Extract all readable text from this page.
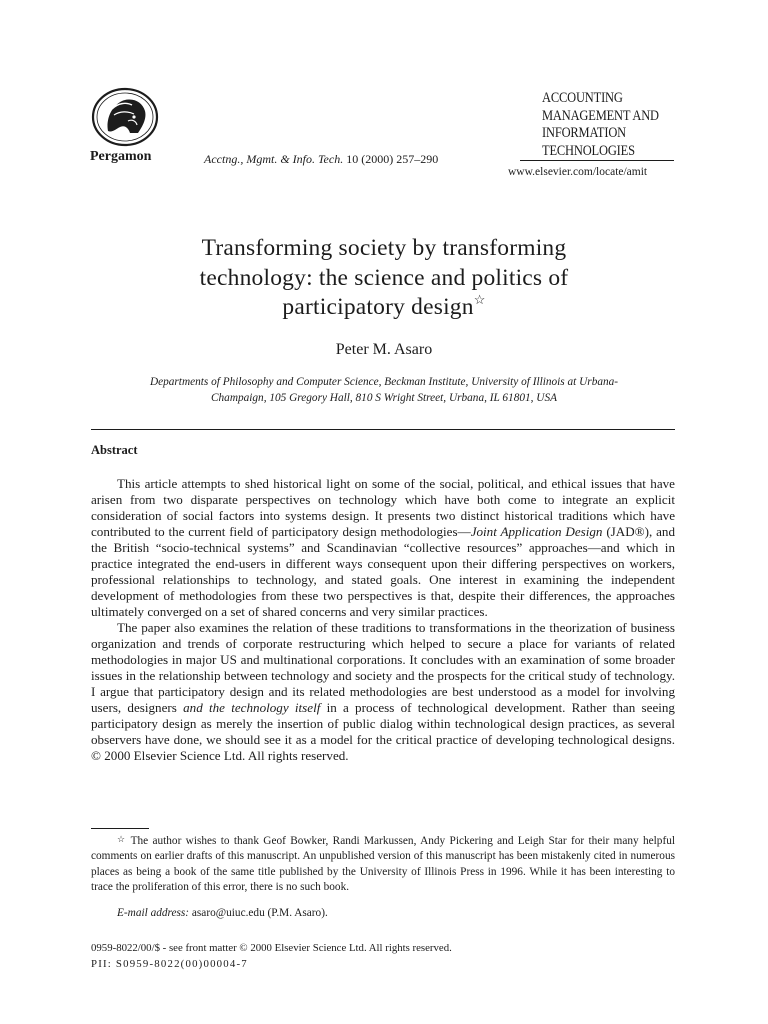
Pergamon	Acctng., Mgmt. & Info. Tech. 10 (2000) 257–290
ACCOUNTING
MANAGEMENT AND
INFORMATION
TECHNOLOGIES
www.elsevier.com/locate/amit
Transforming society by transforming
technology: the science and politics of
participatory design☆
Peter M. Asaro
Departments of Philosophy and Computer Science, Beckman Institute, University of Illinois at Urbana-
Champaign, 105 Gregory Hall, 810 S Wright Street, Urbana, IL 61801, USA
Abstract

This article attempts to shed historical light on some of the social, political, and ethical issues that have arisen from two disparate perspectives on technology which have both come to integrate an explicit consideration of social factors into systems design. It presents two distinct historical traditions which have contributed to the current field of participatory design methodologies—Joint Application Design (JAD®), and the British “socio-technical systems” and Scandinavian “collective resources” approaches—and which in practice integrated the end-users in different ways consequent upon their differing perspectives on workers, professional relationships to technology, and stated goals. One interest in examining the independent development of methodologies from these two perspectives is that, despite their differences, the approaches ultimately converged on a set of shared concerns and very similar practices.

The paper also examines the relation of these traditions to transformations in the theorization of business organization and trends of corporate restructuring which helped to secure a place for variants of related methodologies in major US and multinational corporations. It concludes with an examination of some broader issues in the relationship between technology and society and the prospects for the critical study of technology. I argue that participatory design and its related methodologies are best understood as a model for involving users, designers and the technology itself in a process of technological development. Rather than seeing participatory design as merely the insertion of public dialog within technological design practices, as several observers have done, we should see it as a model for the critical practice of developing technological designs. © 2000 Elsevier Science Ltd. All rights reserved.

☆ The author wishes to thank Geof Bowker, Randi Markussen, Andy Pickering and Leigh Star for their many helpful comments on earlier drafts of this manuscript. An unpublished version of this manuscript has been mistakenly cited in numerous places as being a book of the same title published by the University of Illinois Press in 1996. While it has been interesting to trace the proliferation of this error, there is no such book.

E-mail address: asaro@uiuc.edu (P.M. Asaro).
0959-8022/00/$ - see front matter © 2000 Elsevier Science Ltd. All rights reserved.
PII: S0959-8022(00)00004-7
